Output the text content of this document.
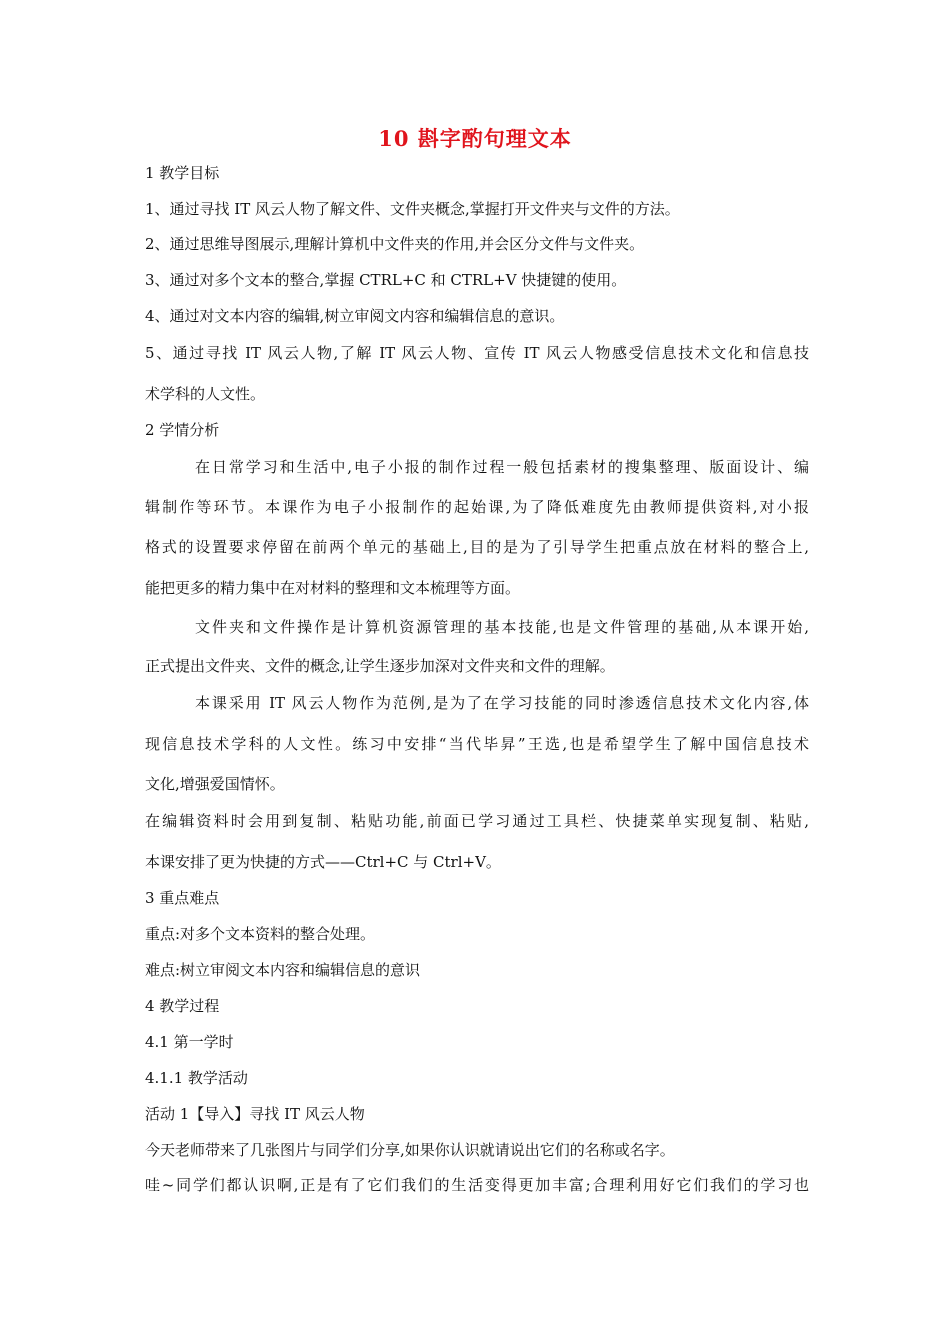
10 斟字酌句理文本
1 教学目标
1、通过寻找 IT 风云人物了解文件、文件夹概念,掌握打开文件夹与文件的方法。
2、通过思维导图展示,理解计算机中文件夹的作用,并会区分文件与文件夹。
3、通过对多个文本的整合,掌握 CTRL+C 和 CTRL+V 快捷键的使用。
4、通过对文本内容的编辑,树立审阅文内容和编辑信息的意识。
5、通过寻找 IT 风云人物,了解 IT 风云人物、宣传 IT 风云人物感受信息技术文化和信息技
术学科的人文性。
2 学情分析
在日常学习和生活中,电子小报的制作过程一般包括素材的搜集整理、版面设计、编
辑制作等环节。本课作为电子小报制作的起始课,为了降低难度先由教师提供资料,对小报
格式的设置要求停留在前两个单元的基础上,目的是为了引导学生把重点放在材料的整合上,
能把更多的精力集中在对材料的整理和文本梳理等方面。
文件夹和文件操作是计算机资源管理的基本技能,也是文件管理的基础,从本课开始,
正式提出文件夹、文件的概念,让学生逐步加深对文件夹和文件的理解。
本课采用 IT 风云人物作为范例,是为了在学习技能的同时渗透信息技术文化内容,体
现信息技术学科的人文性。练习中安排“当代毕昇”王选,也是希望学生了解中国信息技术
文化,增强爱国情怀。
在编辑资料时会用到复制、粘贴功能,前面已学习通过工具栏、快捷菜单实现复制、粘贴,
本课安排了更为快捷的方式——Ctrl+C 与 Ctrl+V。
3 重点难点
重点:对多个文本资料的整合处理。
难点:树立审阅文本内容和编辑信息的意识
4 教学过程
4.1 第一学时
4.1.1 教学活动
活动 1【导入】寻找 IT 风云人物
今天老师带来了几张图片与同学们分享,如果你认识就请说出它们的名称或名字。
哇~同学们都认识啊,正是有了它们我们的生活变得更加丰富;合理利用好它们我们的学习也
